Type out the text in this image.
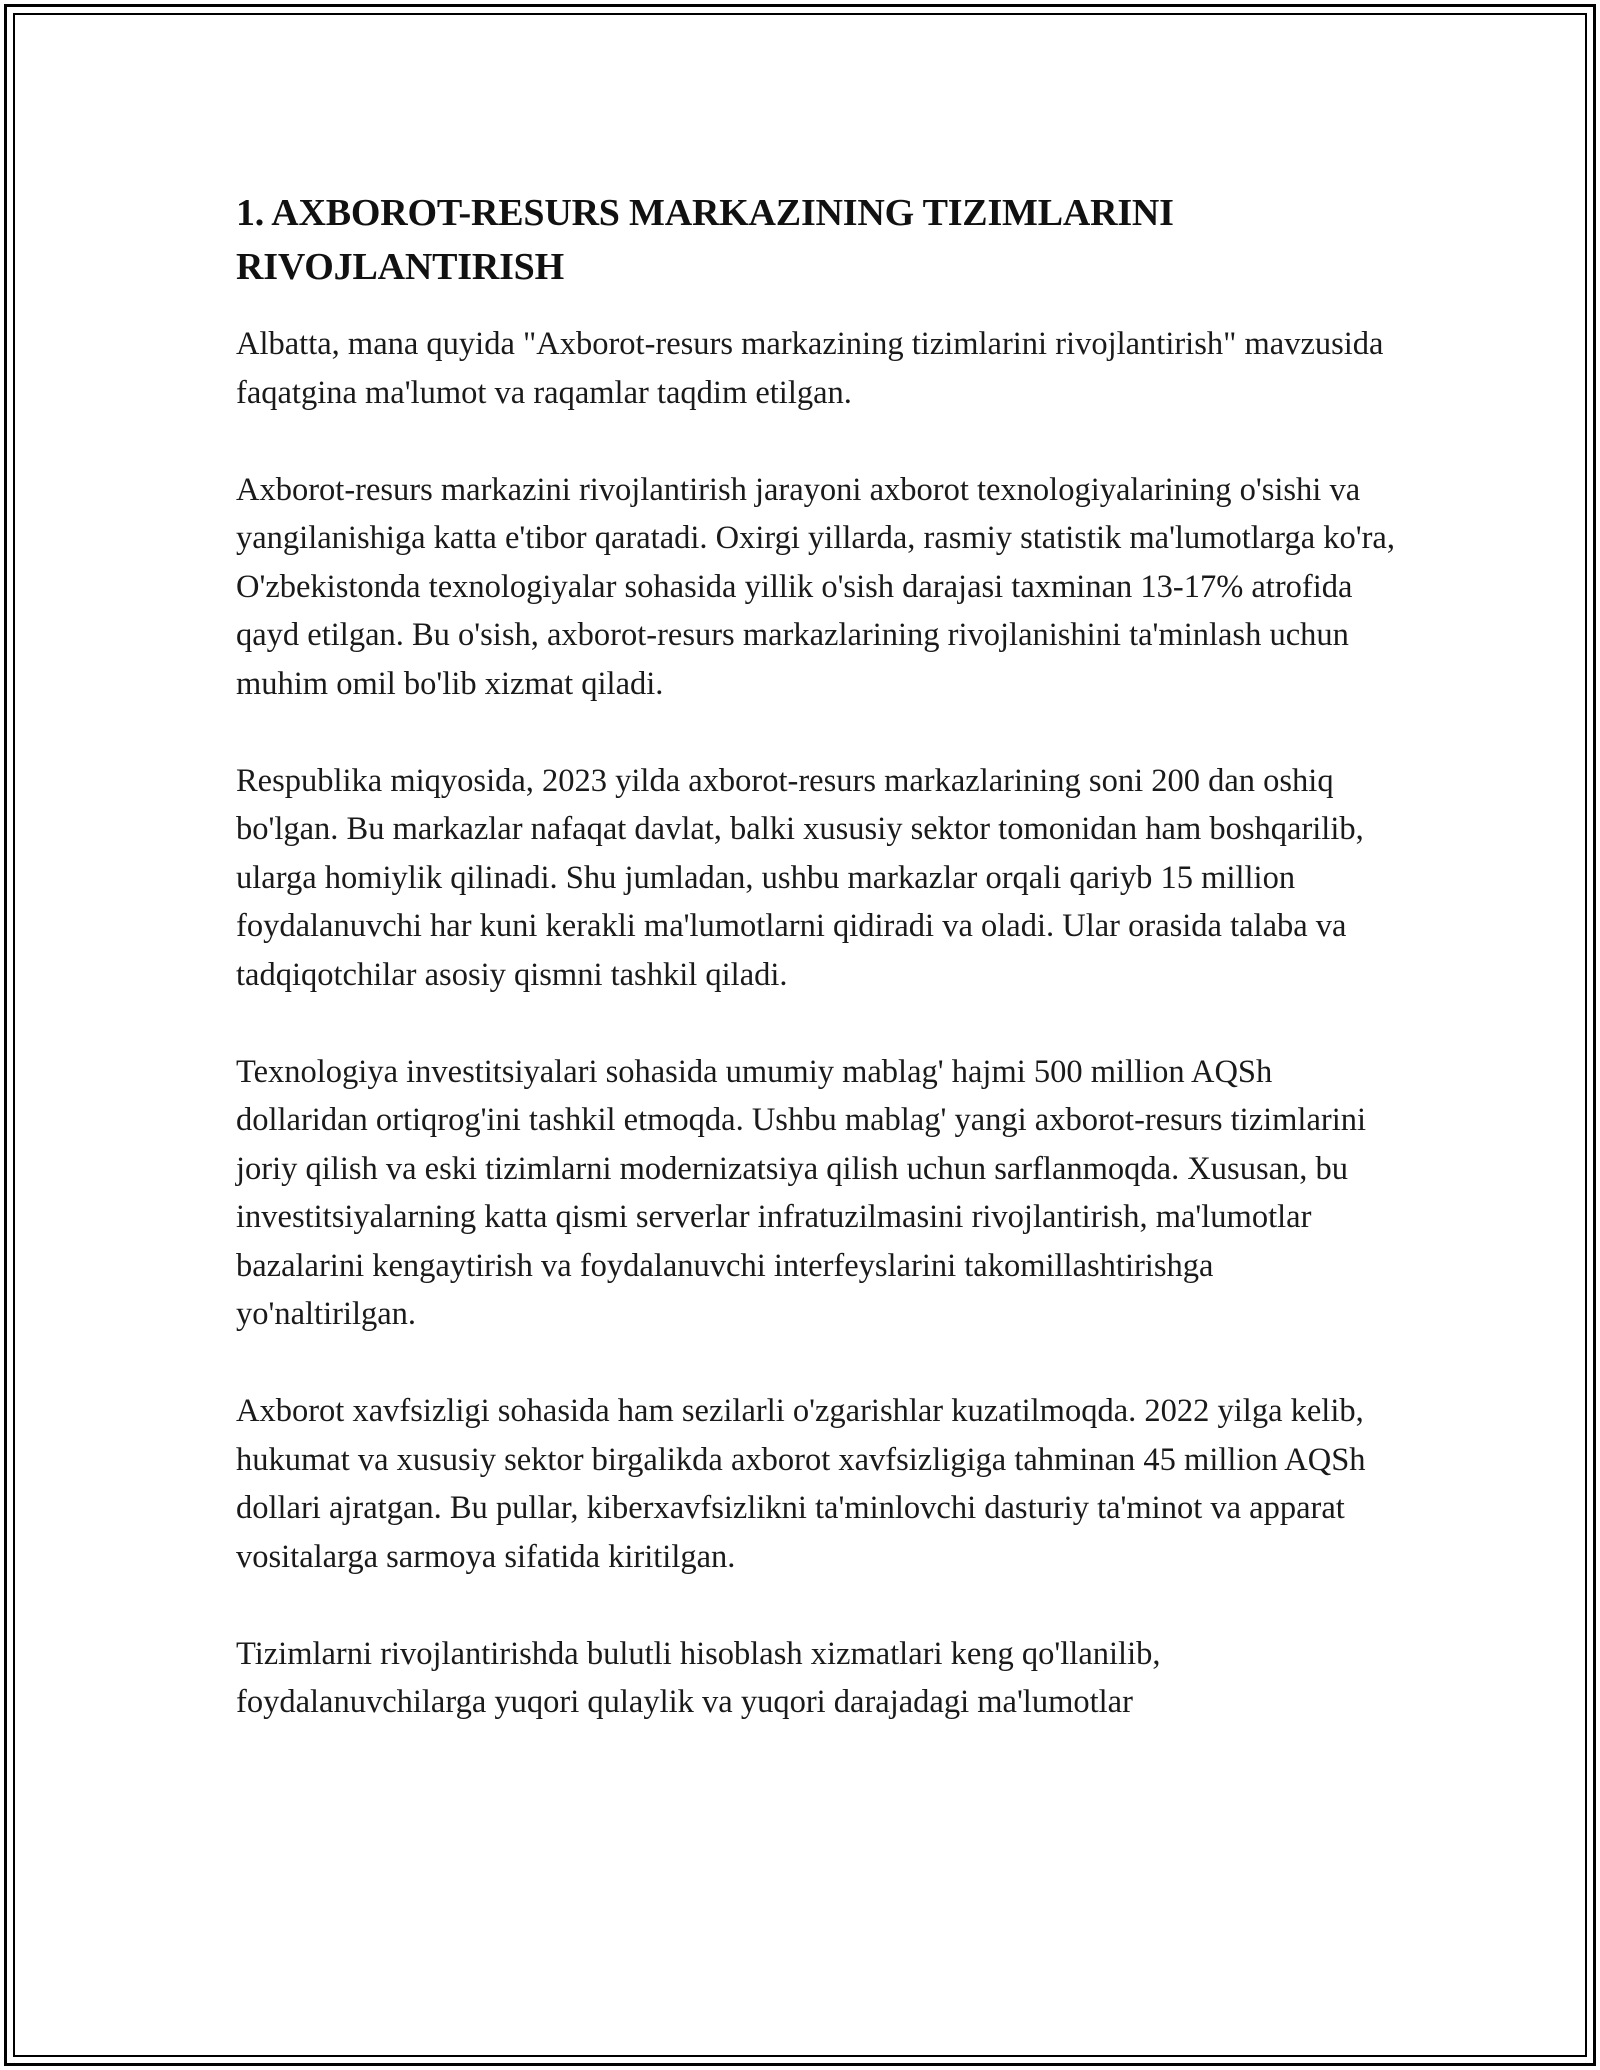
1. AXBOROT-RESURS MARKAZINING TIZIMLARINI RIVOJLANTIRISH

Albatta, mana quyida "Axborot-resurs markazining tizimlarini rivojlantirish" mavzusida faqatgina ma'lumot va raqamlar taqdim etilgan.

Axborot-resurs markazini rivojlantirish jarayoni axborot texnologiyalarining o'sishi va yangilanishiga katta e'tibor qaratadi. Oxirgi yillarda, rasmiy statistik ma'lumotlarga ko'ra, O'zbekistonda texnologiyalar sohasida yillik o'sish darajasi taxminan 13-17% atrofida qayd etilgan. Bu o'sish, axborot-resurs markazlarining rivojlanishini ta'minlash uchun muhim omil bo'lib xizmat qiladi.

Respublika miqyosida, 2023 yilda axborot-resurs markazlarining soni 200 dan oshiq bo'lgan. Bu markazlar nafaqat davlat, balki xususiy sektor tomonidan ham boshqarilib, ularga homiylik qilinadi. Shu jumladan, ushbu markazlar orqali qariyb 15 million foydalanuvchi har kuni kerakli ma'lumotlarni qidiradi va oladi. Ular orasida talaba va tadqiqotchilar asosiy qismni tashkil qiladi.

Texnologiya investitsiyalari sohasida umumiy mablag' hajmi 500 million AQSh dollaridan ortiqrog'ini tashkil etmoqda. Ushbu mablag' yangi axborot-resurs tizimlarini joriy qilish va eski tizimlarni modernizatsiya qilish uchun sarflanmoqda. Xususan, bu investitsiyalarning katta qismi serverlar infratuzilmasini rivojlantirish, ma'lumotlar bazalarini kengaytirish va foydalanuvchi interfeyslarini takomillashtirishga yo'naltirilgan.

Axborot xavfsizligi sohasida ham sezilarli o'zgarishlar kuzatilmoqda. 2022 yilga kelib, hukumat va xususiy sektor birgalikda axborot xavfsizligiga tahminan 45 million AQSh dollari ajratgan. Bu pullar, kiberxavfsizlikni ta'minlovchi dasturiy ta'minot va apparat vositalarga sarmoya sifatida kiritilgan.

Tizimlarni rivojlantirishda bulutli hisoblash xizmatlari keng qo'llanilib, foydalanuvchilarga yuqori qulaylik va yuqori darajadagi ma'lumotlar
